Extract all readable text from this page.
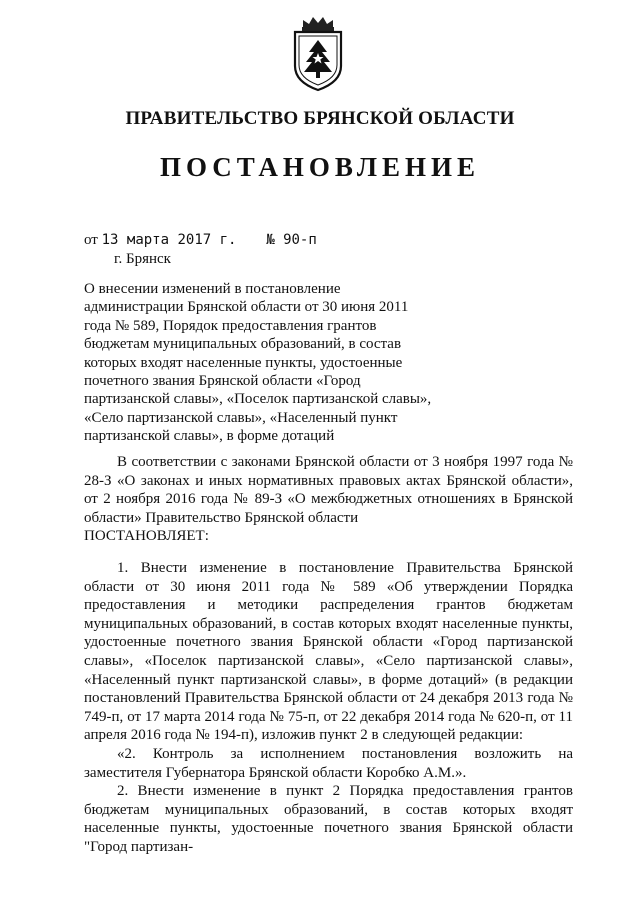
ПРАВИТЕЛЬСТВО БРЯНСКОЙ ОБЛАСТИ
ПОСТАНОВЛЕНИЕ
от 13 марта 2017 г. № 90-п
г. Брянск
О внесении изменений в постановление администрации Брянской области от 30 июня 2011 года № 589, Порядок предоставления грантов бюджетам муниципальных образований, в состав которых входят населенные пункты, удостоенные почетного звания Брянской области «Город партизанской славы», «Поселок партизанской славы», «Село партизанской славы», «Населенный пункт партизанской славы», в форме дотаций

В соответствии с законами Брянской области от 3 ноября 1997 года № 28-З «О законах и иных нормативных правовых актах Брянской области», от 2 ноября 2016 года № 89-З «О межбюджетных отношениях в Брянской области» Правительство Брянской области

ПОСТАНОВЛЯЕТ:

1. Внести изменение в постановление Правительства Брянской области от 30 июня 2011 года № 589 «Об утверждении Порядка предоставления и методики распределения грантов бюджетам муниципальных образований, в состав которых входят населенные пункты, удостоенные почетного звания Брянской области «Город партизанской славы», «Поселок партизанской славы», «Село партизанской славы», «Населенный пункт партизанской славы», в форме дотаций» (в редакции постановлений Правительства Брянской области от 24 декабря 2013 года № 749-п, от 17 марта 2014 года № 75-п, от 22 декабря 2014 года № 620-п, от 11 апреля 2016 года № 194-п), изложив пункт 2 в следующей редакции:

«2. Контроль за исполнением постановления возложить на заместителя Губернатора Брянской области Коробко А.М.».

2. Внести изменение в пункт 2 Порядка предоставления грантов бюджетам муниципальных образований, в состав которых входят населенные пункты, удостоенные почетного звания Брянской области "Город партизан-
